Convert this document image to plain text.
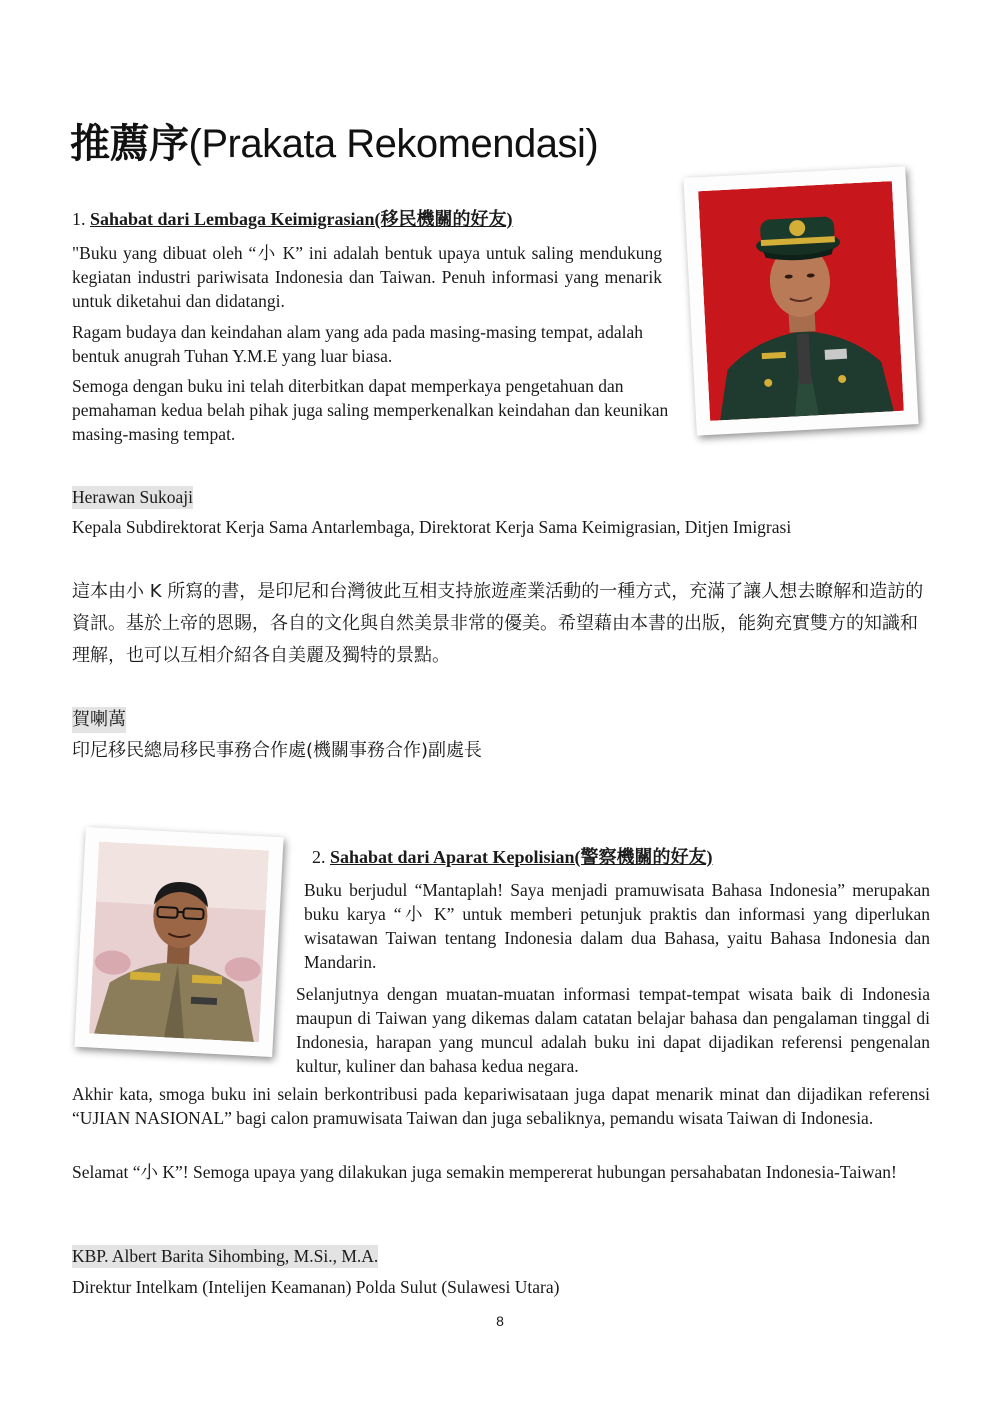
推薦序(Prakata Rekomendasi)
1. Sahabat dari Lembaga Keimigrasian(移民機關的好友)

"Buku yang dibuat oleh “小 K” ini adalah bentuk upaya untuk saling mendukung kegiatan industri pariwisata Indonesia dan Taiwan. Penuh informasi yang menarik untuk diketahui dan didatangi.

Ragam budaya dan keindahan alam yang ada pada masing-masing tempat, adalah bentuk anugrah Tuhan Y.M.E yang luar biasa.

Semoga dengan buku ini telah diterbitkan dapat memperkaya pengetahuan dan pemahaman kedua belah pihak juga saling memperkenalkan keindahan dan keunikan masing-masing tempat.

Herawan Sukoaji
Kepala Subdirektorat Kerja Sama Antarlembaga, Direktorat Kerja Sama Keimigrasian, Ditjen Imigrasi

這本由小 K 所寫的書，是印尼和台灣彼此互相支持旅遊產業活動的一種方式，充滿了讓人想去瞭解和造訪的資訊。基於上帝的恩賜，各自的文化與自然美景非常的優美。希望藉由本書的出版，能夠充實雙方的知識和理解，也可以互相介紹各自美麗及獨特的景點。

賀喇萬
印尼移民總局移民事務合作處(機關事務合作)副處長
2. Sahabat dari Aparat Kepolisian(警察機關的好友)

Buku berjudul “Mantaplah! Saya menjadi pramuwisata Bahasa Indonesia” merupakan buku karya “小 K” untuk memberi petunjuk praktis dan informasi yang diperlukan wisatawan Taiwan tentang Indonesia dalam dua Bahasa, yaitu Bahasa Indonesia dan Mandarin.

Selanjutnya dengan muatan-muatan informasi tempat-tempat wisata baik di Indonesia maupun di Taiwan yang dikemas dalam catatan belajar bahasa dan pengalaman tinggal di Indonesia, harapan yang muncul adalah buku ini dapat dijadikan referensi pengenalan kultur, kuliner dan bahasa kedua negara.

Akhir kata, smoga buku ini selain berkontribusi pada kepariwisataan juga dapat menarik minat dan dijadikan referensi “UJIAN NASIONAL” bagi calon pramuwisata Taiwan dan juga sebaliknya, pemandu wisata Taiwan di Indonesia.

Selamat “小 K”! Semoga upaya yang dilakukan juga semakin mempererat hubungan persahabatan Indonesia-Taiwan!

KBP. Albert Barita Sihombing, M.Si., M.A.
Direktur Intelkam (Intelijen Keamanan) Polda Sulut (Sulawesi Utara)
8
